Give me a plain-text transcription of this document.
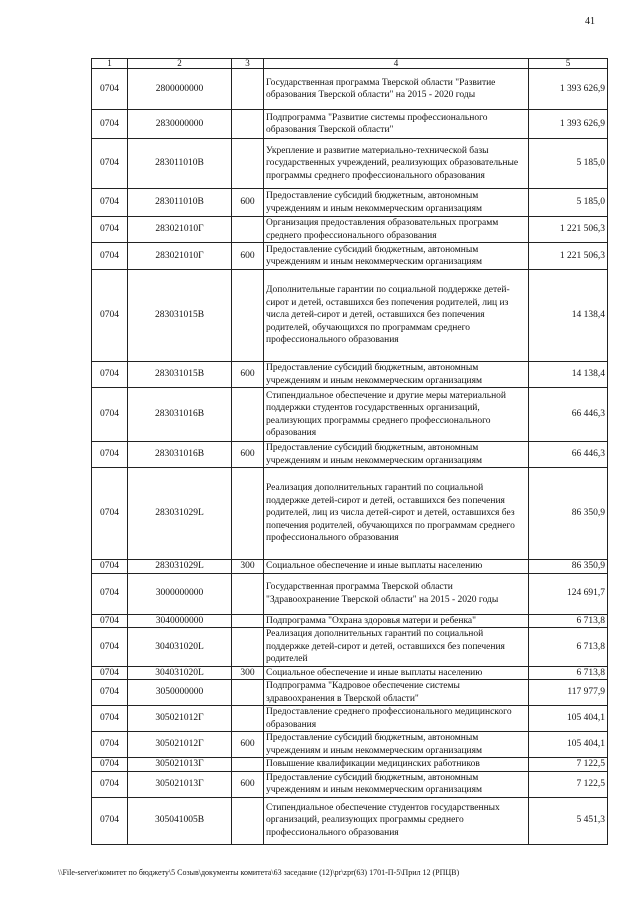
41
1	2	3	4	5
0704	2800000000		Государственная программа Тверской области "Развитие образования Тверской области" на 2015 - 2020 годы	1 393 626,9
0704	2830000000		Подпрограмма "Развитие системы профессионального образования Тверской области"	1 393 626,9
0704	283011010В		Укрепление и развитие материально-технической базы государственных учреждений, реализующих образовательные программы среднего профессионального образования	5 185,0
0704	283011010В	600	Предоставление субсидий бюджетным, автономным учреждениям и иным некоммерческим организациям	5 185,0
0704	283021010Г		Организация предоставления образовательных программ среднего профессионального образования	1 221 506,3
0704	283021010Г	600	Предоставление субсидий бюджетным, автономным учреждениям и иным некоммерческим организациям	1 221 506,3
0704	283031015В		Дополнительные гарантии по социальной поддержке детей-сирот и детей, оставшихся без попечения родителей, лиц из числа детей-сирот и детей, оставшихся без попечения родителей, обучающихся по программам среднего профессионального образования	14 138,4
0704	283031015В	600	Предоставление субсидий бюджетным, автономным учреждениям и иным некоммерческим организациям	14 138,4
0704	283031016В		Стипендиальное обеспечение и другие меры материальной поддержки студентов государственных организаций, реализующих программы среднего профессионального образования	66 446,3
0704	283031016В	600	Предоставление субсидий бюджетным, автономным учреждениям и иным некоммерческим организациям	66 446,3
0704	283031029L		Реализация дополнительных гарантий по социальной поддержке детей-сирот и детей, оставшихся без попечения родителей, лиц из числа детей-сирот и детей, оставшихся без попечения родителей, обучающихся по программам среднего профессионального образования	86 350,9
0704	283031029L	300	Социальное обеспечение и иные выплаты населению	86 350,9
0704	3000000000		Государственная программа Тверской области "Здравоохранение Тверской области" на 2015 - 2020 годы	124 691,7
0704	3040000000		Подпрограмма "Охрана здоровья матери и ребенка"	6 713,8
0704	304031020L		Реализация дополнительных гарантий по социальной поддержке детей-сирот и детей, оставшихся без попечения родителей	6 713,8
0704	304031020L	300	Социальное обеспечение и иные выплаты населению	6 713,8
0704	3050000000		Подпрограмма "Кадровое обеспечение системы здравоохранения в Тверской области"	117 977,9
0704	305021012Г		Предоставление среднего профессионального медицинского образования	105 404,1
0704	305021012Г	600	Предоставление субсидий бюджетным, автономным учреждениям и иным некоммерческим организациям	105 404,1
0704	305021013Г		Повышение квалификации медицинских работников	7 122,5
0704	305021013Г	600	Предоставление субсидий бюджетным, автономным учреждениям и иным некоммерческим организациям	7 122,5
0704	305041005В		Стипендиальное обеспечение студентов государственных организаций, реализующих программы среднего профессионального образования	5 451,3
\\File-server\комитет по бюджету\5 Созыв\документы комитета\63 заседание (12)\pr\zpr(63) 1701-П-5\Прил 12 (РПЦВ)
